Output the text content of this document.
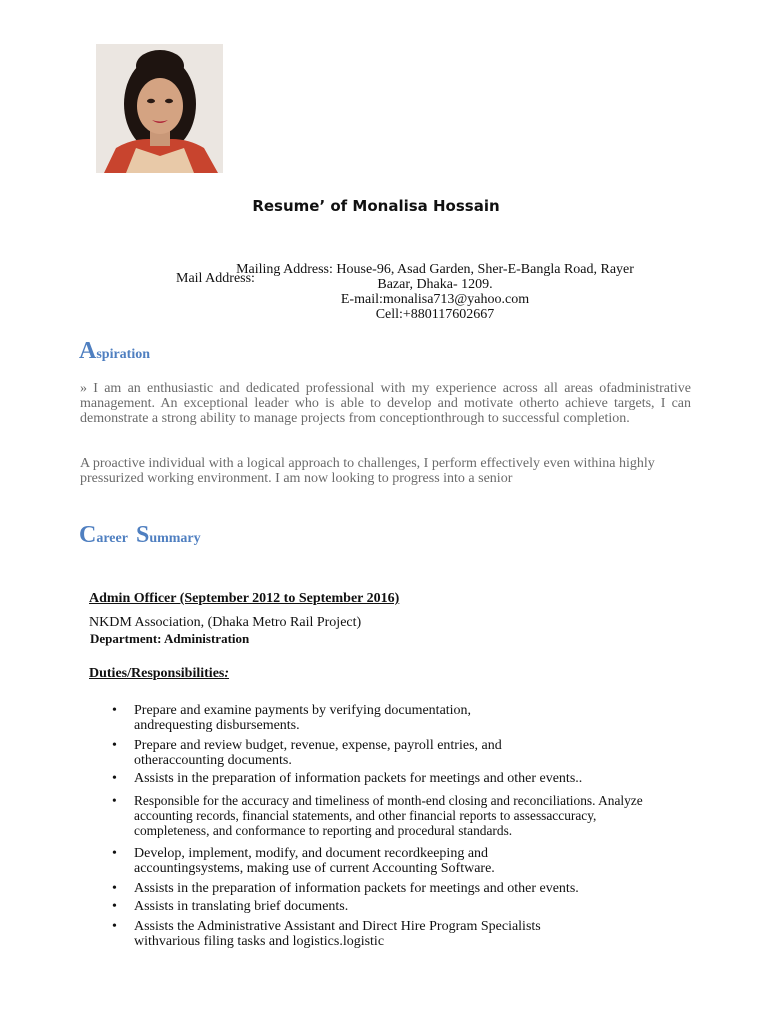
Resume’ of Monalisa Hossain
Mail Address:
Mailing Address: House-96, Asad Garden, Sher-E-Bangla Road, Rayer
Bazar, Dhaka- 1209.
E-mail:monalisa713@yahoo.com
Cell:+880117602667
Aspiration
» I am an enthusiastic and dedicated professional with my experience across all areas ofadministrative management. An exceptional leader who is able to develop and motivate otherto achieve targets, I can demonstrate a strong ability to manage projects from conceptionthrough to successful completion.
A proactive individual with a logical approach to challenges, I perform effectively even withina highly pressurized working environment. I am now looking to progress into a senior
Career Summary
Admin Officer (September 2012 to September 2016)
NKDM Association, (Dhaka Metro Rail Project)
Department: Administration
Duties/Responsibilities:
•	Prepare and examine payments by verifying documentation, andrequesting disbursements.
•	Prepare and review budget, revenue, expense, payroll entries, and otheraccounting documents.
•	Assists in the preparation of information packets for meetings and other events..
•	Responsible for the accuracy and timeliness of month-end closing and reconciliations. Analyze accounting records, financial statements, and other financial reports to assessaccuracy, completeness, and conformance to reporting and procedural standards.
•	Develop, implement, modify, and document recordkeeping and accountingsystems, making use of current Accounting Software.
•	Assists in the preparation of information packets for meetings and other events.
•	Assists in translating brief documents.
•	Assists the Administrative Assistant and Direct Hire Program Specialists withvarious filing tasks and logistics.logistic
